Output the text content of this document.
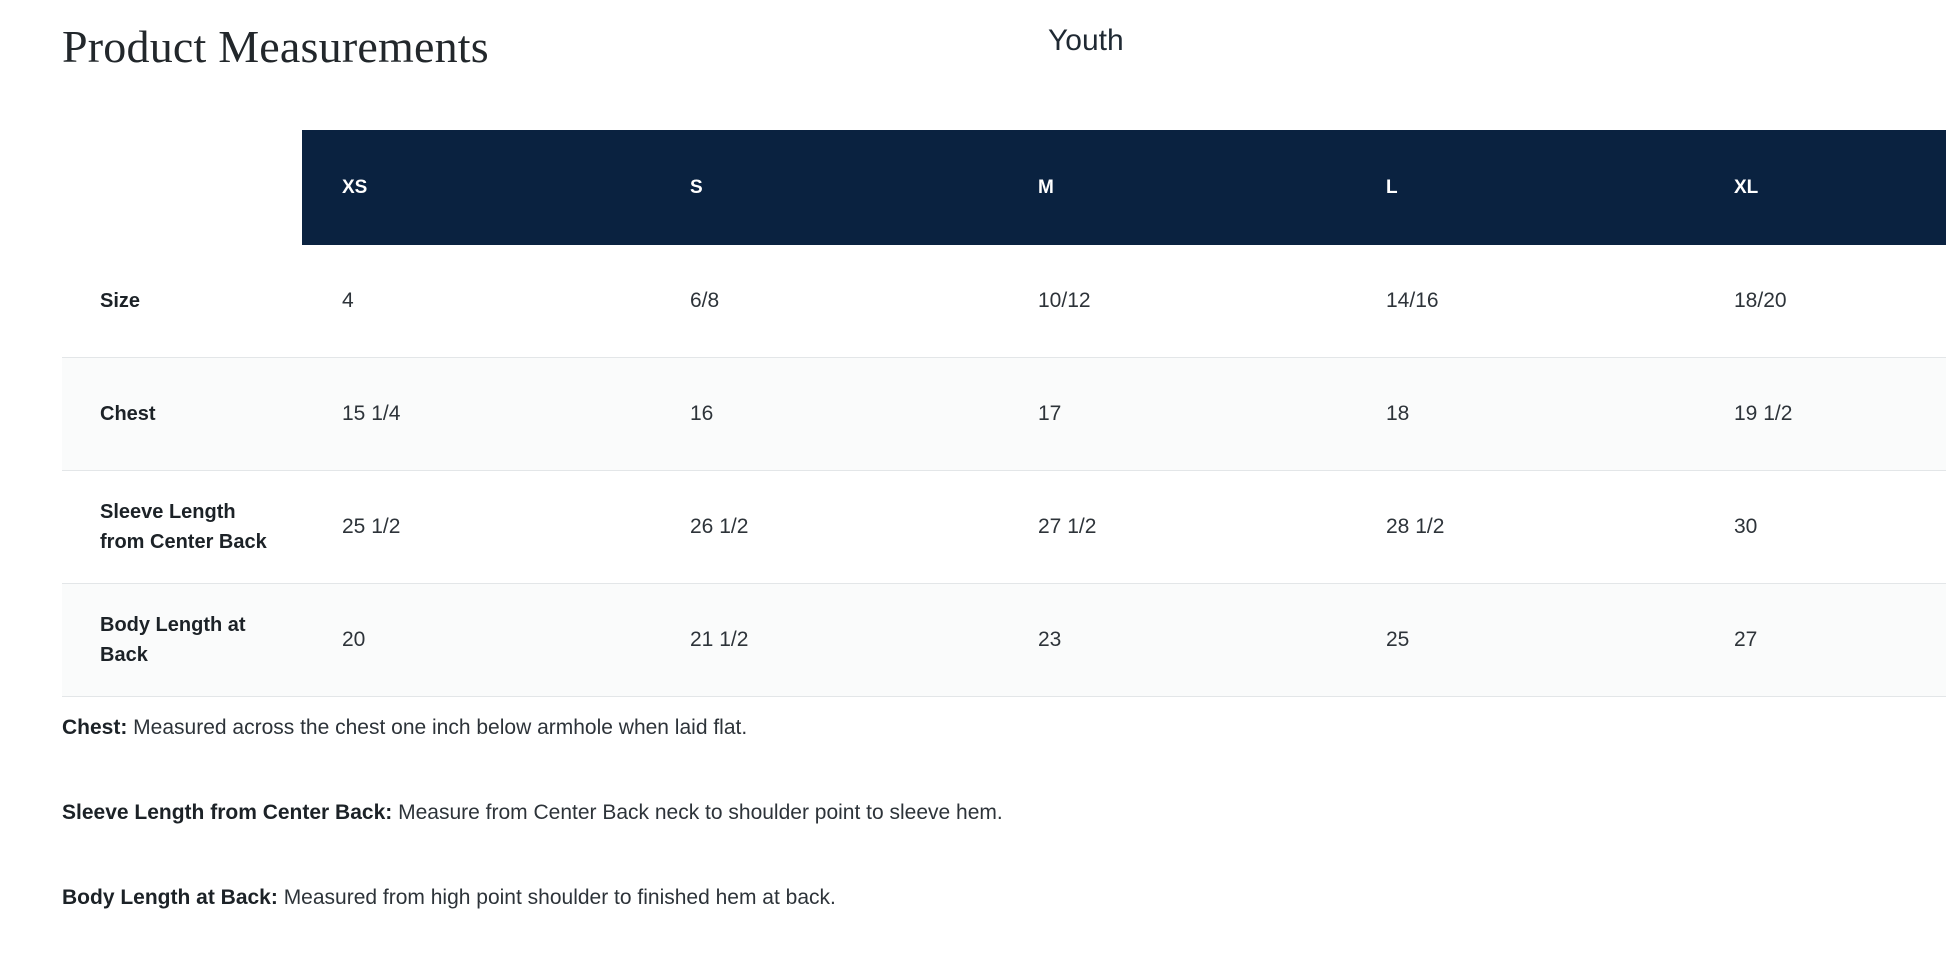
Product Measurements	Youth

	XS	S	M	L	XL

Size	4	6/8	10/12	14/16	18/20
Chest	15 1/4	16	17	18	19 1/2
Sleeve Length from Center Back	25 1/2	26 1/2	27 1/2	28 1/2	30
Body Length at Back	20	21 1/2	23	25	27
Chest: Measured across the chest one inch below armhole when laid flat.
Sleeve Length from Center Back: Measure from Center Back neck to shoulder point to sleeve hem.
Body Length at Back: Measured from high point shoulder to finished hem at back.
